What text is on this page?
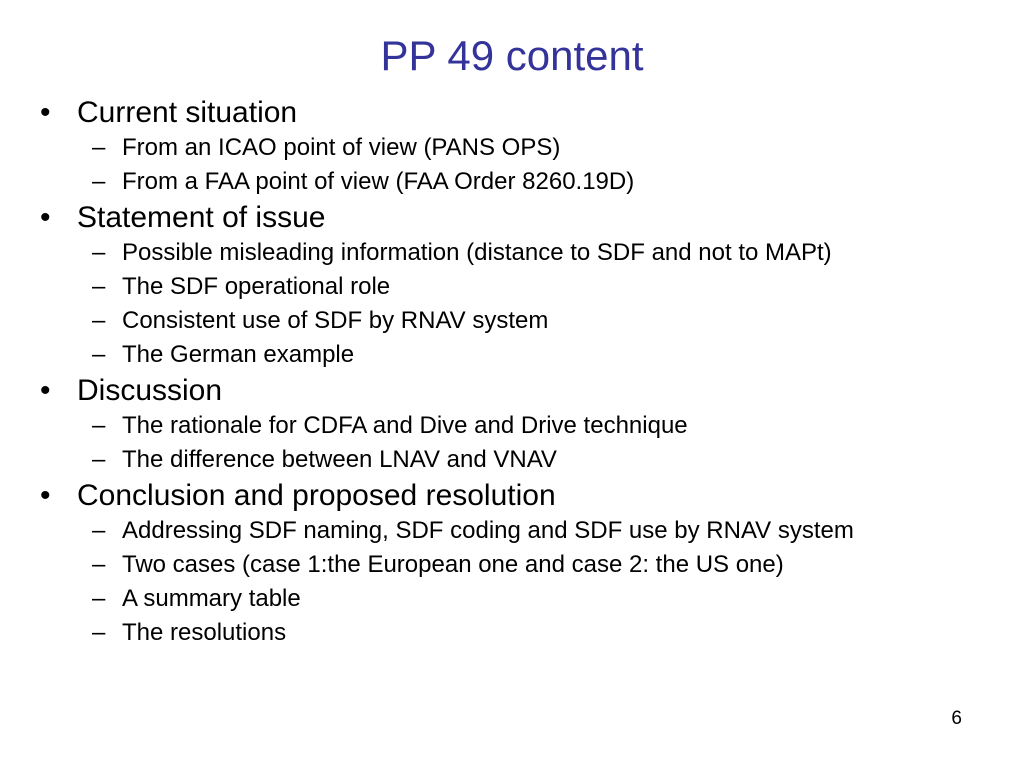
PP 49 content
• Current situation
– From an ICAO point of view (PANS OPS)
– From a FAA point of view (FAA Order 8260.19D)
• Statement of issue
– Possible misleading information (distance to SDF and not to MAPt)
– The SDF operational role
– Consistent use of SDF by RNAV system
– The German example
• Discussion
– The rationale for CDFA and Dive and Drive technique
– The difference between LNAV and VNAV
• Conclusion and proposed resolution
– Addressing SDF naming, SDF coding and SDF use by RNAV system
– Two cases (case 1:the European one and case 2: the US one)
– A summary table
– The resolutions
6
